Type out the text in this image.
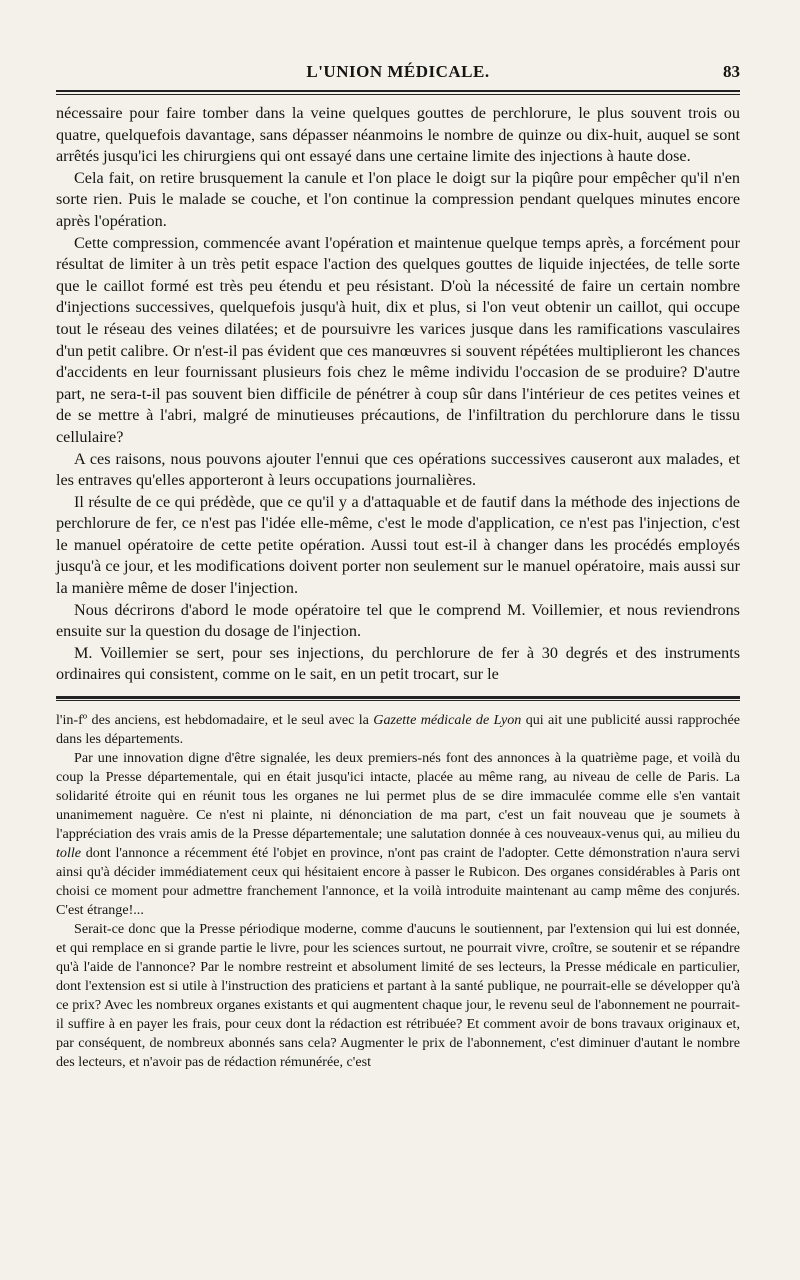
L'UNION MÉDICALE.	83

nécessaire pour faire tomber dans la veine quelques gouttes de perchlorure, le plus souvent trois ou quatre, quelquefois davantage, sans dépasser néanmoins le nombre de quinze ou dix-huit, auquel se sont arrêtés jusqu'ici les chirurgiens qui ont essayé dans une certaine limite des injections à haute dose.

Cela fait, on retire brusquement la canule et l'on place le doigt sur la piqûre pour empêcher qu'il n'en sorte rien. Puis le malade se couche, et l'on continue la compression pendant quelques minutes encore après l'opération.

Cette compression, commencée avant l'opération et maintenue quelque temps après, a forcément pour résultat de limiter à un très petit espace l'action des quelques gouttes de liquide injectées, de telle sorte que le caillot formé est très peu étendu et peu résistant. D'où la nécessité de faire un certain nombre d'injections successives, quelquefois jusqu'à huit, dix et plus, si l'on veut obtenir un caillot, qui occupe tout le réseau des veines dilatées; et de poursuivre les varices jusque dans les ramifications vasculaires d'un petit calibre. Or n'est-il pas évident que ces manœuvres si souvent répétées multiplieront les chances d'accidents en leur fournissant plusieurs fois chez le même individu l'occasion de se produire? D'autre part, ne sera-t-il pas souvent bien difficile de pénétrer à coup sûr dans l'intérieur de ces petites veines et de se mettre à l'abri, malgré de minutieuses précautions, de l'infiltration du perchlorure dans le tissu cellulaire?

A ces raisons, nous pouvons ajouter l'ennui que ces opérations successives causeront aux malades, et les entraves qu'elles apporteront à leurs occupations journalières.

Il résulte de ce qui prédède, que ce qu'il y a d'attaquable et de fautif dans la méthode des injections de perchlorure de fer, ce n'est pas l'idée elle-même, c'est le mode d'application, ce n'est pas l'injection, c'est le manuel opératoire de cette petite opération. Aussi tout est-il à changer dans les procédés employés jusqu'à ce jour, et les modifications doivent porter non seulement sur le manuel opératoire, mais aussi sur la manière même de doser l'injection.

Nous décrirons d'abord le mode opératoire tel que le comprend M. Voillemier, et nous reviendrons ensuite sur la question du dosage de l'injection.

M. Voillemier se sert, pour ses injections, du perchlorure de fer à 30 degrés et des instruments ordinaires qui consistent, comme on le sait, en un petit trocart, sur le

l'in-fº des anciens, est hebdomadaire, et le seul avec la Gazette médicale de Lyon qui ait une publicité aussi rapprochée dans les départements.

Par une innovation digne d'être signalée, les deux premiers-nés font des annonces à la quatrième page, et voilà du coup la Presse départementale, qui en était jusqu'ici intacte, placée au même rang, au niveau de celle de Paris. La solidarité étroite qui en réunit tous les organes ne lui permet plus de se dire immaculée comme elle s'en vantait unanimement naguère. Ce n'est ni plainte, ni dénonciation de ma part, c'est un fait nouveau que je soumets à l'appréciation des vrais amis de la Presse départementale; une salutation donnée à ces nouveaux-venus qui, au milieu du tolle dont l'annonce a récemment été l'objet en province, n'ont pas craint de l'adopter. Cette démonstration n'aura servi ainsi qu'à décider immédiatement ceux qui hésitaient encore à passer le Rubicon. Des organes considérables à Paris ont choisi ce moment pour admettre franchement l'annonce, et la voilà introduite maintenant au camp même des conjurés. C'est étrange!...

Serait-ce donc que la Presse périodique moderne, comme d'aucuns le soutiennent, par l'extension qui lui est donnée, et qui remplace en si grande partie le livre, pour les sciences surtout, ne pourrait vivre, croître, se soutenir et se répandre qu'à l'aide de l'annonce? Par le nombre restreint et absolument limité de ses lecteurs, la Presse médicale en particulier, dont l'extension est si utile à l'instruction des praticiens et partant à la santé publique, ne pourrait-elle se développer qu'à ce prix? Avec les nombreux organes existants et qui augmentent chaque jour, le revenu seul de l'abonnement ne pourrait-il suffire à en payer les frais, pour ceux dont la rédaction est rétribuée? Et comment avoir de bons travaux originaux et, par conséquent, de nombreux abonnés sans cela? Augmenter le prix de l'abonnement, c'est diminuer d'autant le nombre des lecteurs, et n'avoir pas de rédaction rémunérée, c'est
